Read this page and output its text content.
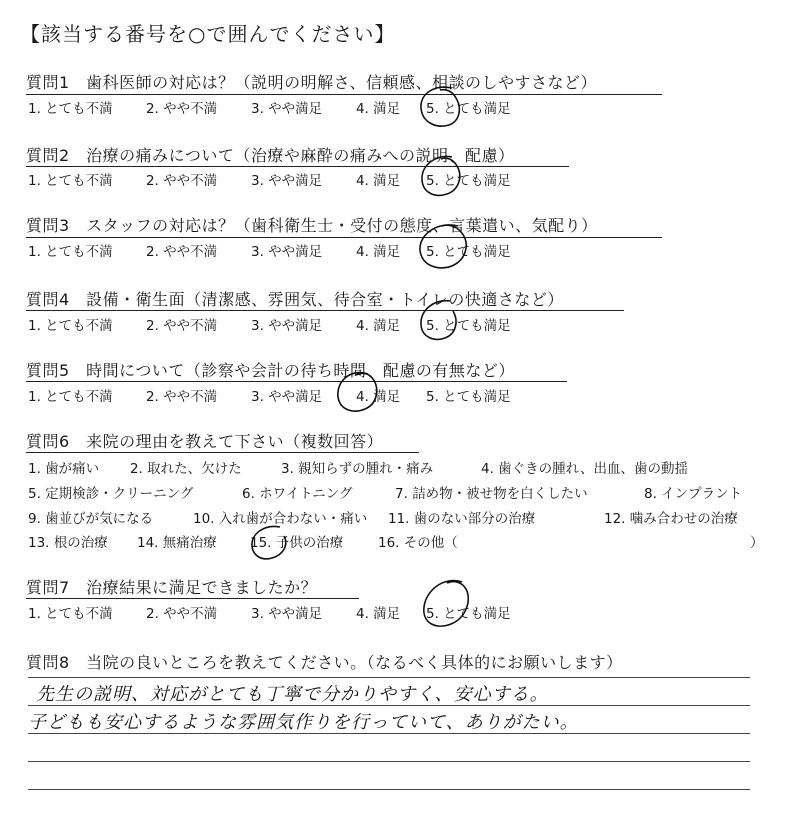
【該当する番号を○で囲んでください】
質問1　歯科医師の対応は？（説明の明解さ、信頼感、相談のしやすさなど）
1. とても不満 2. やや不満	3. やや満足	4. 満足 5. とても満足
質問2　治療の痛みについて（治療や麻酔の痛みへの説明、配慮）
1. とても不満 2. やや不満	3. やや満足	4. 満足 5. とても満足
質問3　スタッフの対応は？（歯科衛生士・受付の態度、言葉遣い、気配り）
1. とても不満 2. やや不満	3. やや満足	4. 満足 5. とても満足
質問4　設備・衛生面（清潔感、雰囲気、待合室・トイレの快適さなど）
1. とても不満 2. やや不満	3. やや満足	4. 満足 5. とても満足
質問5　時間について（診察や会計の待ち時間、配慮の有無など）
1. とても不満 2. やや不満	3. やや満足	4. 満足 5. とても満足
質問6　来院の理由を教えて下さい（複数回答）
1. 歯が痛い 2. 取れた、欠けた	3. 親知らずの腫れ・痛み	4. 歯ぐきの腫れ、出血、歯の動揺
5. 定期検診・クリーニング	6. ホワイトニング	7. 詰め物・被せ物を白くしたい	8. インプラント
9. 歯並びが気になる	10. 入れ歯が合わない・痛い 11. 歯のない部分の治療	12. 噛み合わせの治療
13. 根の治療 14. 無痛治療 15. 子供の治療	16. その他（	）
質問7　治療結果に満足できましたか？
1. とても不満 2. やや不満	3. やや満足	4. 満足 5. とても満足
質問8　当院の良いところを教えてください。（なるべく具体的にお願いします）
先生の説明、対応がとても丁寧で分かりやすく、安心する。
子どもも安心するような雰囲気作りを行っていて、ありがたい。
